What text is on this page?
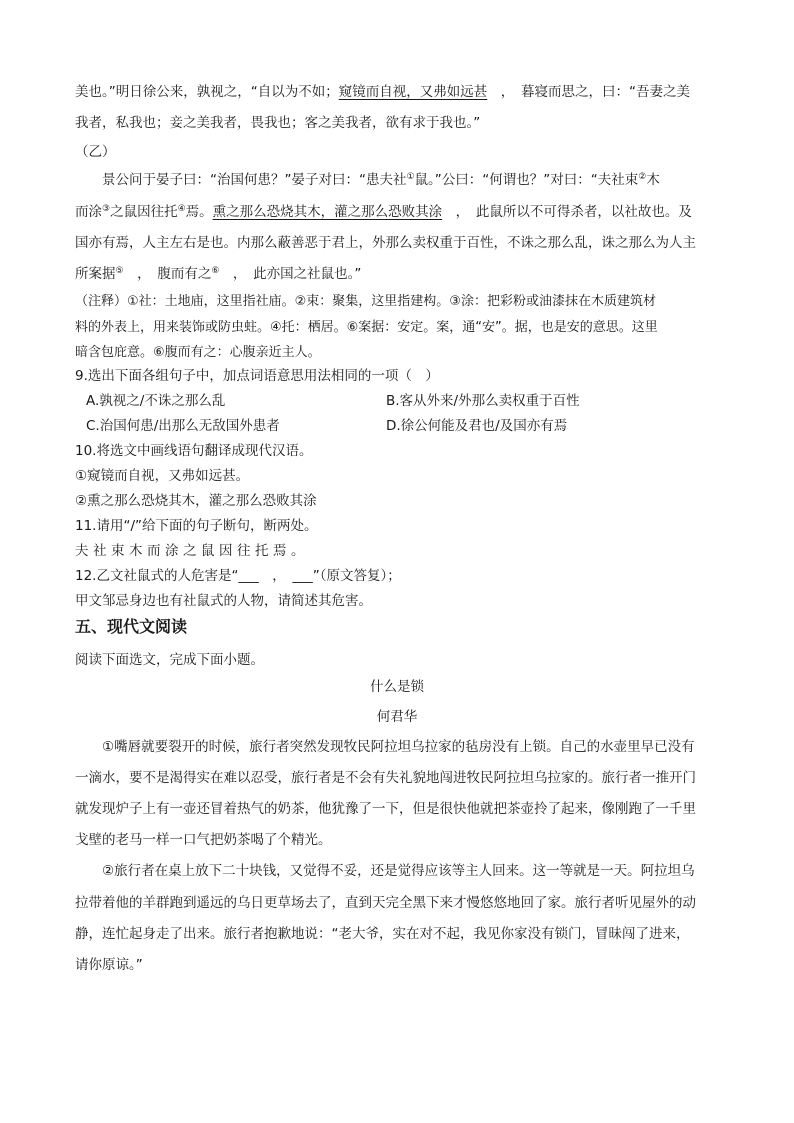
美也。”明日徐公来，孰视之，“自以为不如；窥镜而自视，又弗如远甚　，　暮寝而思之，曰：“吾妻之美
我者，私我也；妾之美我者，畏我也；客之美我者，欲有求于我也。”
（乙）
景公问于晏子曰：“治国何患？”晏子对曰：“患夫社①鼠。”公曰：“何谓也？”对曰：“夫社束②木
而涂③之鼠因往托④焉。熏之那么恐烧其木，灌之那么恐败其涂　，　此鼠所以不可得杀者，以社故也。及
国亦有焉，人主左右是也。内那么蔽善恶于君上，外那么卖权重于百性，不诛之那么乱，诛之那么为人主
所案据⑤　，　腹而有之⑥　，　此亦国之社鼠也。”
（注释）①社：土地庙，这里指社庙。②束：聚集，这里指建构。③涂：把彩粉或油漆抹在木质建筑材
料的外表上，用来装饰或防虫蛀。④托：栖居。⑥案据：安定。案，通“安”。据，也是安的意思。这里
暗含包庇意。⑥腹而有之：心腹亲近主人。
9.选出下面各组句子中，加点词语意思用法相同的一项（　）
A.孰视之/不诛之那么乱	B.客从外来/外那么卖权重于百性
C.治国何患/出那么无敌国外患者	D.徐公何能及君也/及国亦有焉
10.将选文中画线语句翻译成现代汉语。
①窥镜而自视，又弗如远甚。
②熏之那么恐烧其木，灌之那么恐败其涂
11.请用“/”给下面的句子断句，断两处。
夫社束木而涂之鼠因往托焉。
12.乙文社鼠式的人危害是“___　，　___”（原文答复）；
甲文邹忌身边也有社鼠式的人物，请简述其危害。
五、现代文阅读
阅读下面选文，完成下面小题。
什么是锁
何君华
①嘴唇就要裂开的时候，旅行者突然发现牧民阿拉坦乌拉家的毡房没有上锁。自己的水壶里早已没有
一滴水，要不是渴得实在难以忍受，旅行者是不会有失礼貌地闯进牧民阿拉坦乌拉家的。旅行者一推开门
就发现炉子上有一壶还冒着热气的奶茶，他犹豫了一下，但是很快他就把茶壶拎了起来，像刚跑了一千里
戈壁的老马一样一口气把奶茶喝了个精光。
②旅行者在桌上放下二十块钱，又觉得不妥，还是觉得应该等主人回来。这一等就是一天。阿拉坦乌
拉带着他的羊群跑到遥远的乌日更草场去了，直到天完全黑下来才慢悠悠地回了家。旅行者听见屋外的动
静，连忙起身走了出来。旅行者抱歉地说：“老大爷，实在对不起，我见你家没有锁门，冒昧闯了进来，
请你原谅。”
